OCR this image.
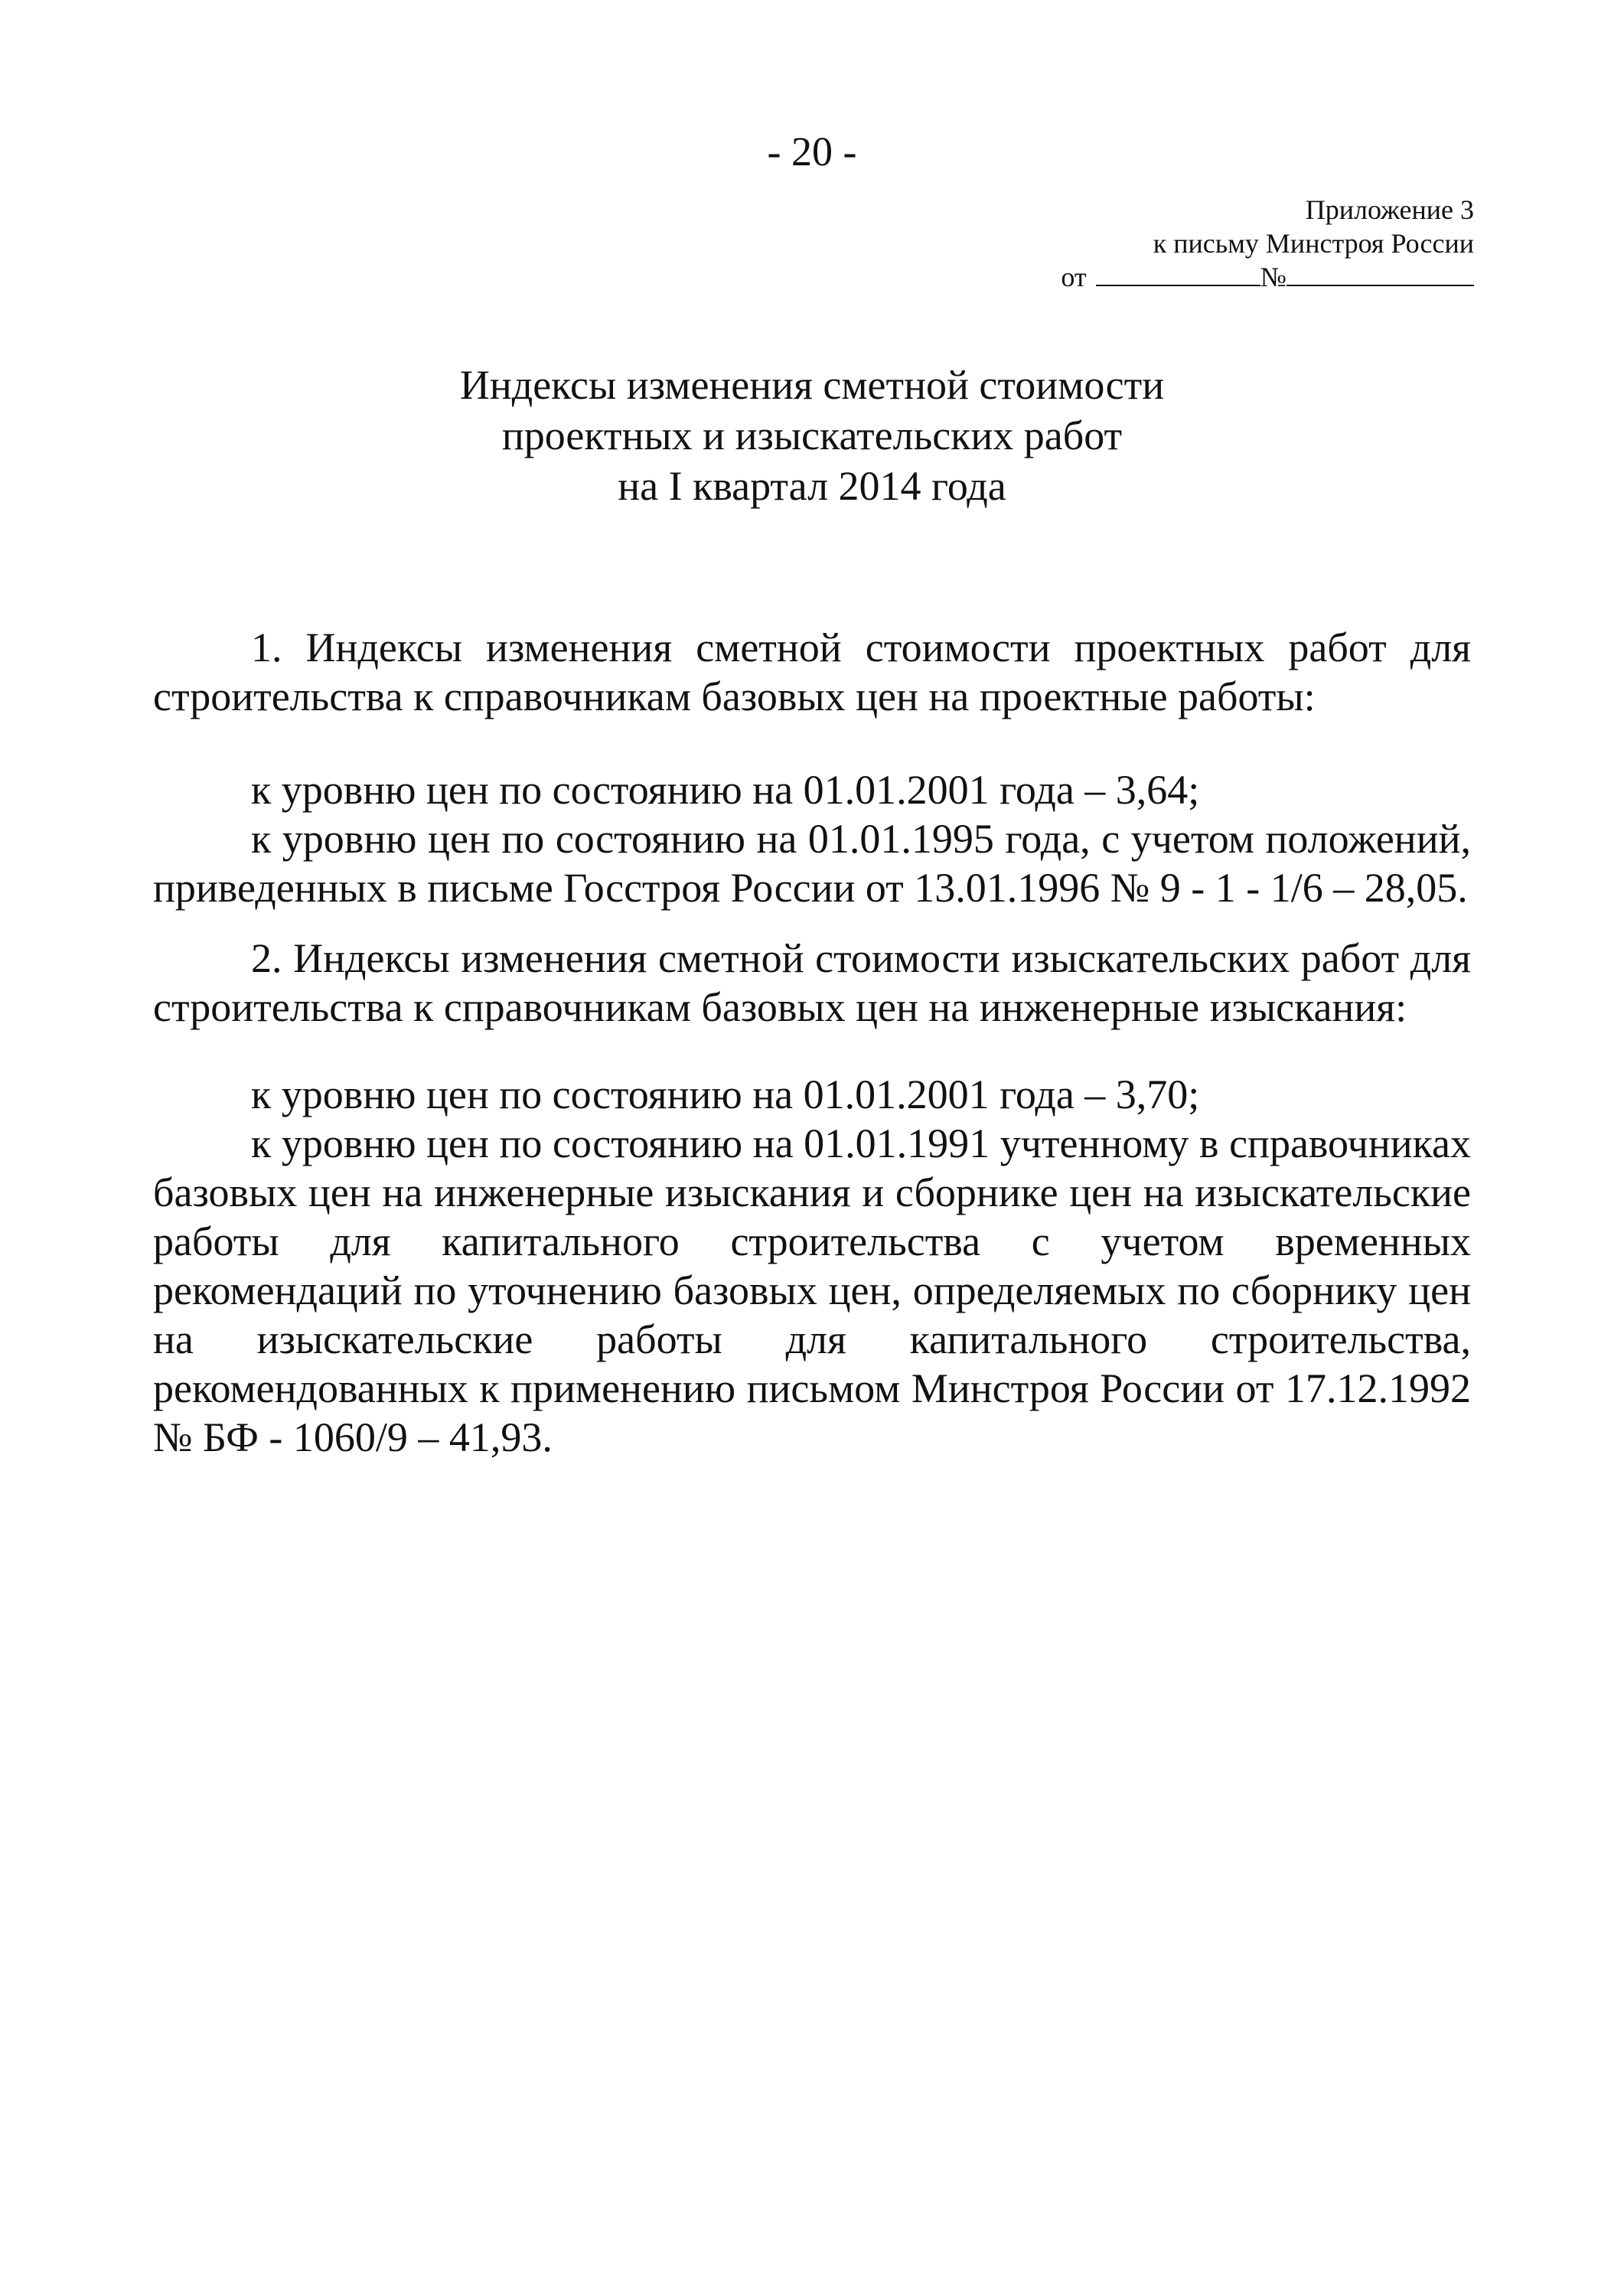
- 20 -
Приложение 3
к письму Минстроя России
от	№
Индексы изменения сметной стоимости
проектных и изыскательских работ
на I квартал 2014 года

1. Индексы изменения сметной стоимости проектных работ для строительства к справочникам базовых цен на проектные работы:

к уровню цен по состоянию на 01.01.2001 года – 3,64;

к уровню цен по состоянию на 01.01.1995 года, с учетом положений, приведенных в письме Госстроя России от 13.01.1996 № 9 - 1 - 1/6 – 28,05.

2. Индексы изменения сметной стоимости изыскательских работ для строительства к справочникам базовых цен на инженерные изыскания:

к уровню цен по состоянию на 01.01.2001 года – 3,70;

к уровню цен по состоянию на 01.01.1991 учтенному в справочниках базовых цен на инженерные изыскания и сборнике цен на изыскательские работы для капитального строительства с учетом временных рекомендаций по уточнению базовых цен, определяемых по сборнику цен на изыскательские работы для капитального строительства, рекомендованных к применению письмом Минстроя России от 17.12.1992 № БФ - 1060/9 – 41,93.
